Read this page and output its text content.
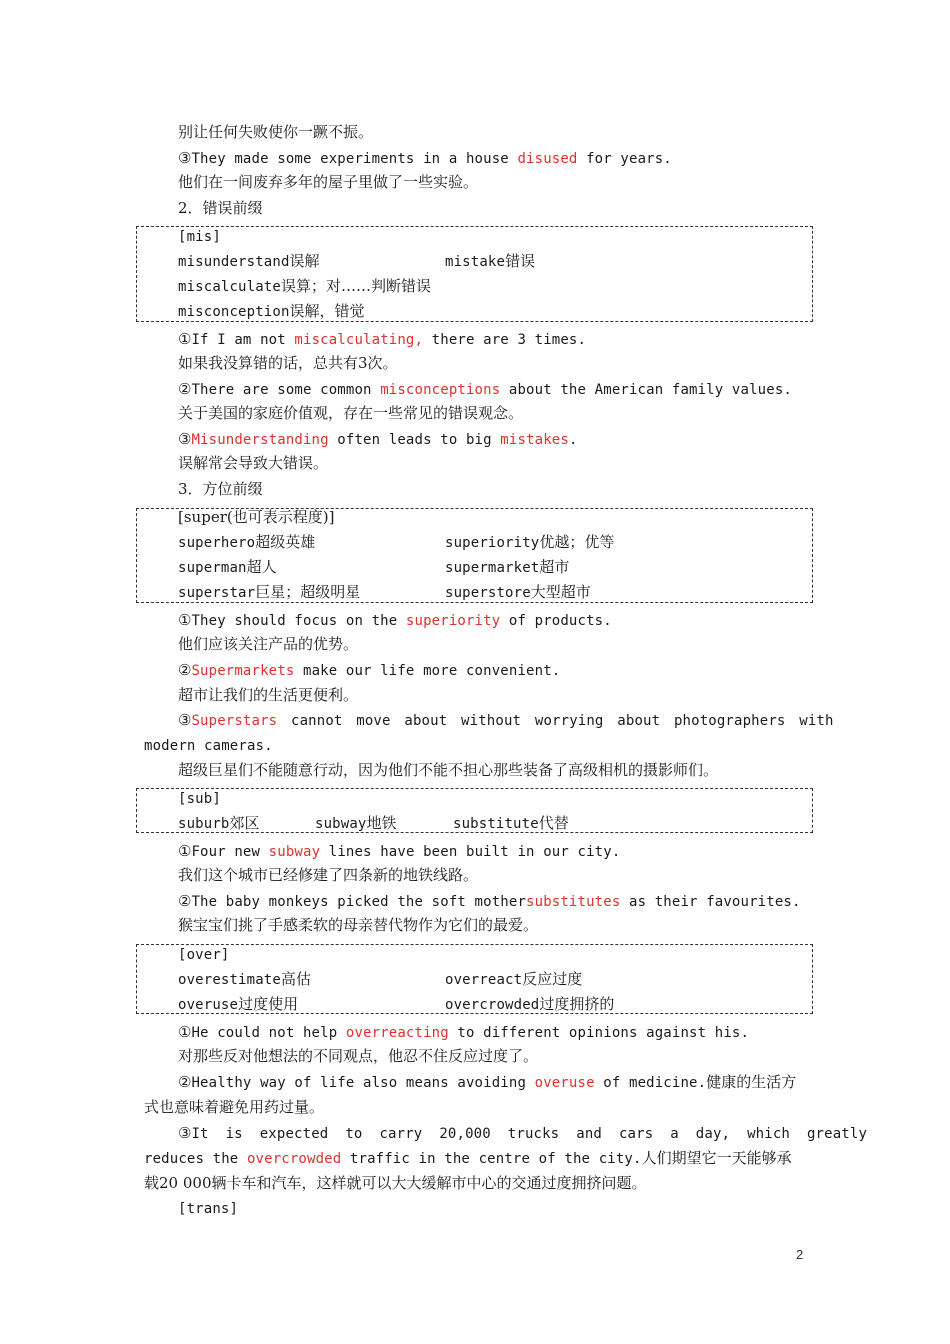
别让任何失败使你一蹶不振。
③They made some experiments in a house disused for years.
他们在一间废弃多年的屋子里做了一些实验。
2．错误前缀
[mis]
misunderstand误解	mistake错误
miscalculate误算；对……判断错误
misconception误解，错觉
①If I am not miscalculating, there are 3 times.
如果我没算错的话，总共有3次。
②There are some common misconceptions about the American family values.
关于美国的家庭价值观，存在一些常见的错误观念。
③Misunderstanding often leads to big mistakes.
误解常会导致大错误。
3．方位前缀
[super(也可表示程度)]
superhero超级英雄	superiority优越；优等
superman超人	supermarket超市
superstar巨星；超级明星	superstore大型超市
①They should focus on the superiority of products.
他们应该关注产品的优势。
②Supermarkets make our life more convenient.
超市让我们的生活更便利。
③Superstars cannot move about without worrying about photographers with
modern cameras.
超级巨星们不能随意行动，因为他们不能不担心那些装备了高级相机的摄影师们。
[sub]
suburb郊区	subway地铁	substitute代替
①Four new subway lines have been built in our city.
我们这个城市已经修建了四条新的地铁线路。
②The baby monkeys picked the soft mothersubstitutes as their favourites.
猴宝宝们挑了手感柔软的母亲替代物作为它们的最爱。
[over]
overestimate高估	overreact反应过度
overuse过度使用	overcrowded过度拥挤的
①He could not help overreacting to different opinions against his.
对那些反对他想法的不同观点，他忍不住反应过度了。
②Healthy way of life also means avoiding overuse of medicine.健康的生活方
式也意味着避免用药过量。
③It is expected to carry 20,000 trucks and cars a day, which greatly
reduces the overcrowded traffic in the centre of the city.人们期望它一天能够承
载20 000辆卡车和汽车，这样就可以大大缓解市中心的交通过度拥挤问题。
[trans]
2
